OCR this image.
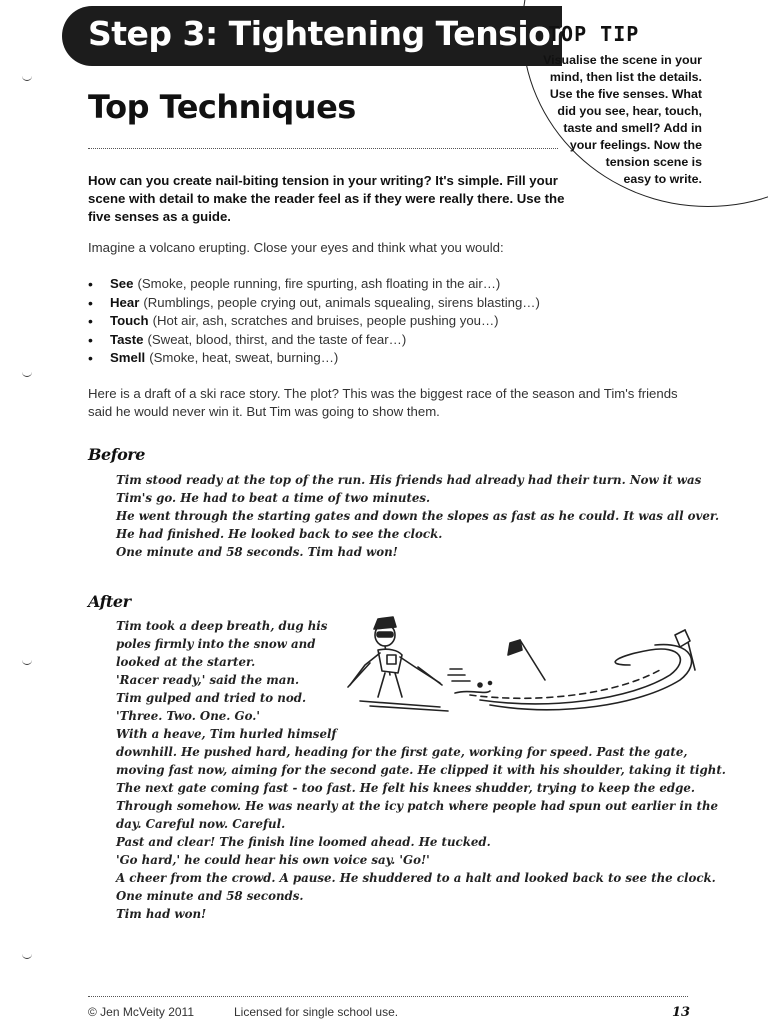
Step 3: Tightening Tension
TOP TIP
Visualise the scene in your
mind, then list the details.
Use the five senses. What
did you see, hear, touch,
taste and smell? Add in
your feelings. Now the
tension scene is
easy to write.
Top Techniques
How can you create nail-biting tension in your writing? It's simple. Fill your
scene with detail to make the reader feel as if they were really there. Use the
five senses as a guide.
Imagine a volcano erupting. Close your eyes and think what you would:
• See (Smoke, people running, fire spurting, ash floating in the air…)
• Hear (Rumblings, people crying out, animals squealing, sirens blasting…)
• Touch (Hot air, ash, scratches and bruises, people pushing you…)
• Taste (Sweat, blood, thirst, and the taste of fear…)
• Smell (Smoke, heat, sweat, burning…)
Here is a draft of a ski race story. The plot? This was the biggest race of the season and Tim's friends
said he would never win it. But Tim was going to show them.
Before
Tim stood ready at the top of the run. His friends had already had their turn. Now it was
Tim's go. He had to beat a time of two minutes.
He went through the starting gates and down the slopes as fast as he could. It was all over.
He had finished. He looked back to see the clock.
One minute and 58 seconds. Tim had won!
After
Tim took a deep breath, dug his
poles firmly into the snow and
looked at the starter.
'Racer ready,' said the man.
Tim gulped and tried to nod.
'Three. Two. One. Go.'
With a heave, Tim hurled himself
downhill. He pushed hard, heading for the first gate, working for speed. Past the gate,
moving fast now, aiming for the second gate. He clipped it with his shoulder, taking it tight.
The next gate coming fast - too fast. He felt his knees shudder, trying to keep the edge.
Through somehow. He was nearly at the icy patch where people had spun out earlier in the
day. Careful now. Careful.
Past and clear! The finish line loomed ahead. He tucked.
'Go hard,' he could hear his own voice say. 'Go!'
A cheer from the crowd. A pause. He shuddered to a halt and looked back to see the clock.
One minute and 58 seconds.
Tim had won!
© Jen McVeity 2011	Licensed for single school use.	13
